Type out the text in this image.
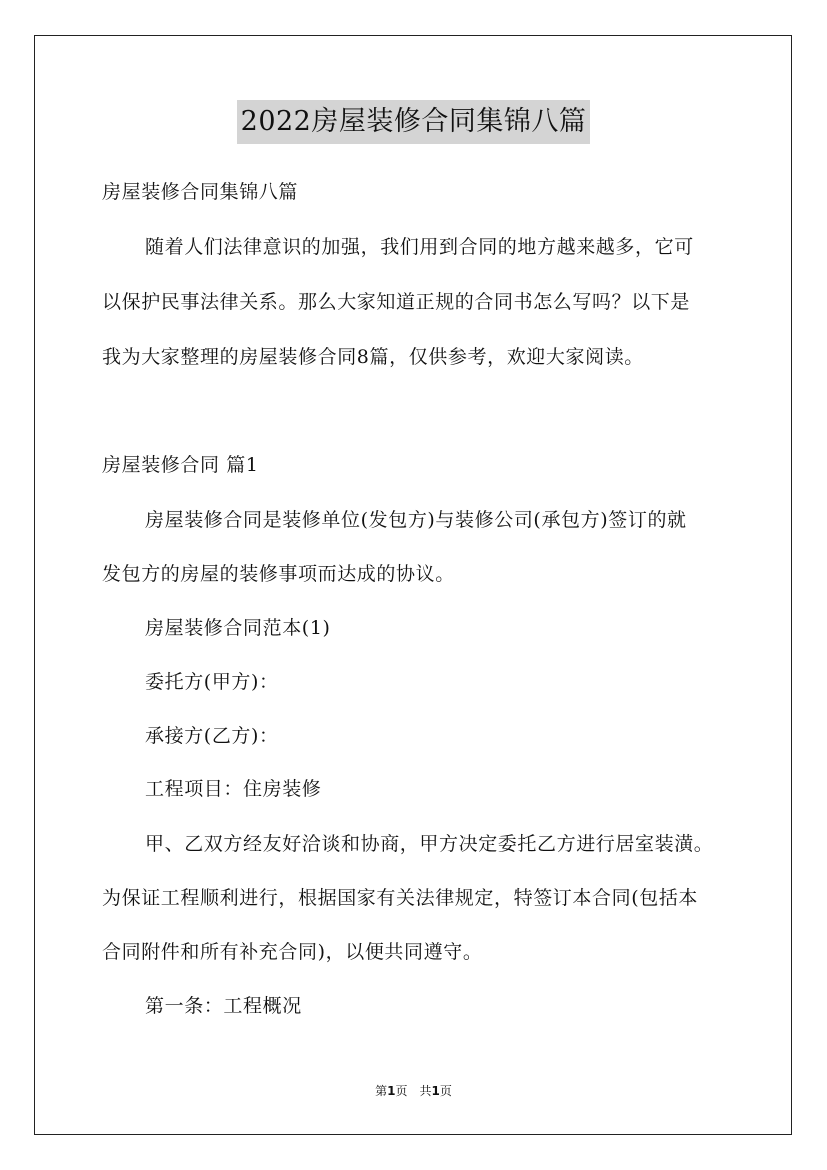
2022房屋装修合同集锦八篇
房屋装修合同集锦八篇
随着人们法律意识的加强，我们用到合同的地方越来越多，它可
以保护民事法律关系。那么大家知道正规的合同书怎么写吗？以下是
我为大家整理的房屋装修合同8篇，仅供参考，欢迎大家阅读。
房屋装修合同 篇1
房屋装修合同是装修单位(发包方)与装修公司(承包方)签订的就
发包方的房屋的装修事项而达成的协议。
房屋装修合同范本(1)
委托方(甲方)：
承接方(乙方)：
工程项目：住房装修
甲、乙双方经友好洽谈和协商，甲方决定委托乙方进行居室装潢。
为保证工程顺利进行，根据国家有关法律规定，特签订本合同(包括本
合同附件和所有补充合同)，以便共同遵守。
第一条：工程概况
第1页　共1页
